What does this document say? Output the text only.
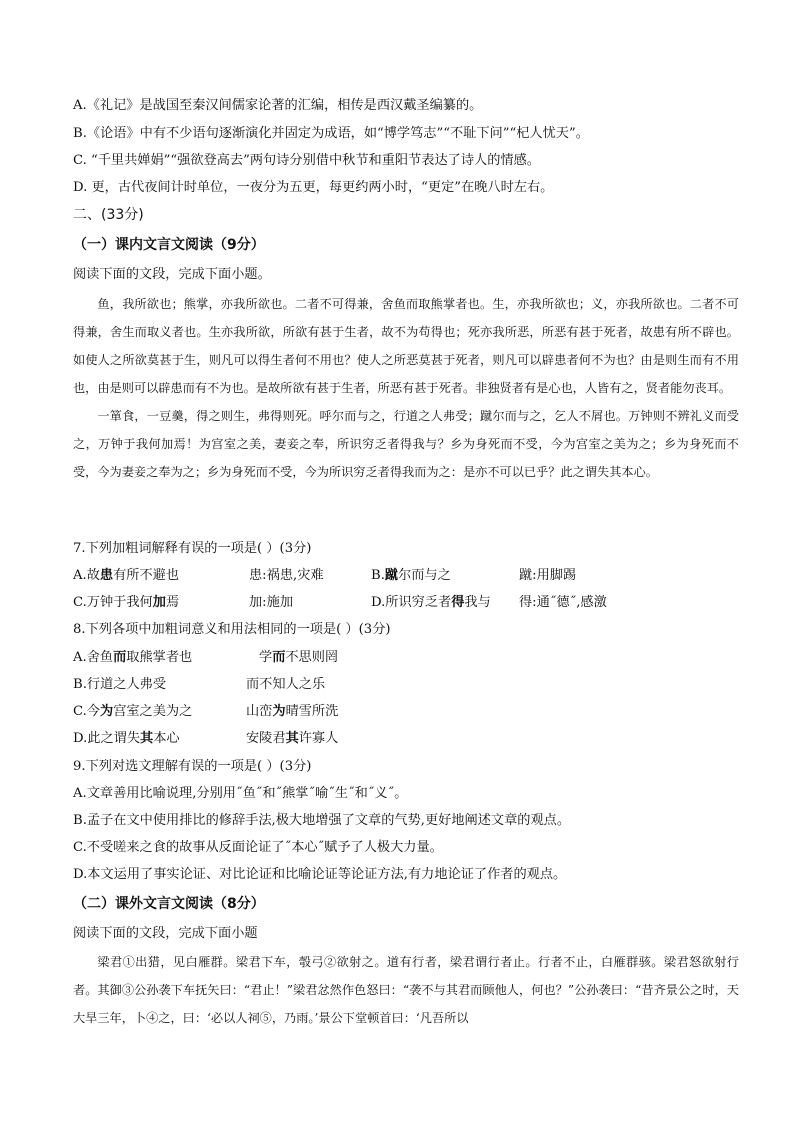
A.《礼记》是战国至秦汉间儒家论著的汇编，相传是西汉戴圣编纂的。
B.《论语》中有不少语句逐渐演化并固定为成语，如“博学笃志”“不耻下问”“杞人忧天”。
C. “千里共婵娟”“强欲登高去”两句诗分别借中秋节和重阳节表达了诗人的情感。
D. 更，古代夜间计时单位，一夜分为五更，每更约两小时，“更定”在晚八时左右。
二、(33分)
（一）课内文言文阅读（9分）
阅读下面的文段，完成下面小题。

鱼，我所欲也；熊掌，亦我所欲也。二者不可得兼，舍鱼而取熊掌者也。生，亦我所欲也；义，亦我所欲也。二者不可得兼，舍生而取义者也。生亦我所欲，所欲有甚于生者，故不为苟得也；死亦我所恶，所恶有甚于死者，故患有所不辟也。如使人之所欲莫甚于生，则凡可以得生者何不用也？使人之所恶莫甚于死者，则凡可以辟患者何不为也？由是则生而有不用也，由是则可以辟患而有不为也。是故所欲有甚于生者，所恶有甚于死者。非独贤者有是心也，人皆有之，贤者能勿丧耳。

一箪食，一豆羹，得之则生，弗得则死。呼尔而与之，行道之人弗受；蹴尔而与之，乞人不屑也。万钟则不辨礼义而受之，万钟于我何加焉！为宫室之美，妻妾之奉，所识穷乏者得我与？乡为身死而不受，今为宫室之美为之；乡为身死而不受，今为妻妾之奉为之；乡为身死而不受，今为所识穷乏者得我而为之：是亦不可以已乎？此之谓失其本心。

7.下列加粗词解释有误的一项是( ）(3分)
A.故患有所不避也	患:祸患,灾难	B.蹴尔而与之	蹴:用脚踢
C.万钟于我何加焉	加:施加	D.所识穷乏者得我与 得:通˝德˝,感激
8.下列各项中加粗词意义和用法相同的一项是( ）(3分)
A.舍鱼而取熊掌者也	学而不思则罔
B.行道之人弗受	而不知人之乐
C.今为宫室之美为之	山峦为晴雪所洗
D.此之谓失其本心	安陵君其许寡人
9.下列对选文理解有误的一项是( ）(3分)
A.文章善用比喻说理,分别用˝鱼˝和˝熊掌˝喻˝生˝和˝义˝。
B.孟子在文中使用排比的修辞手法,极大地增强了文章的气势,更好地阐述文章的观点。
C.不受嗟来之食的故事从反面论证了˝本心˝赋予了人极大力量。
D.本文运用了事实论证、对比论证和比喻论证等论证方法,有力地论证了作者的观点。
（二）课外文言文阅读（8分）
阅读下面的文段，完成下面小题

梁君①出猎，见白雁群。梁君下车，彀弓②欲射之。道有行者，梁君谓行者止。行者不止，白雁群骇。梁君怒欲射行者。其御③公孙袭下车抚矢曰：“君止！”梁君忿然作色怒曰：“袭不与其君而顾他人，何也？”公孙袭曰：“昔齐景公之时，天大旱三年，卜④之，曰：‘必以人祠⑤，乃雨。’景公下堂顿首曰：‘凡吾所以
